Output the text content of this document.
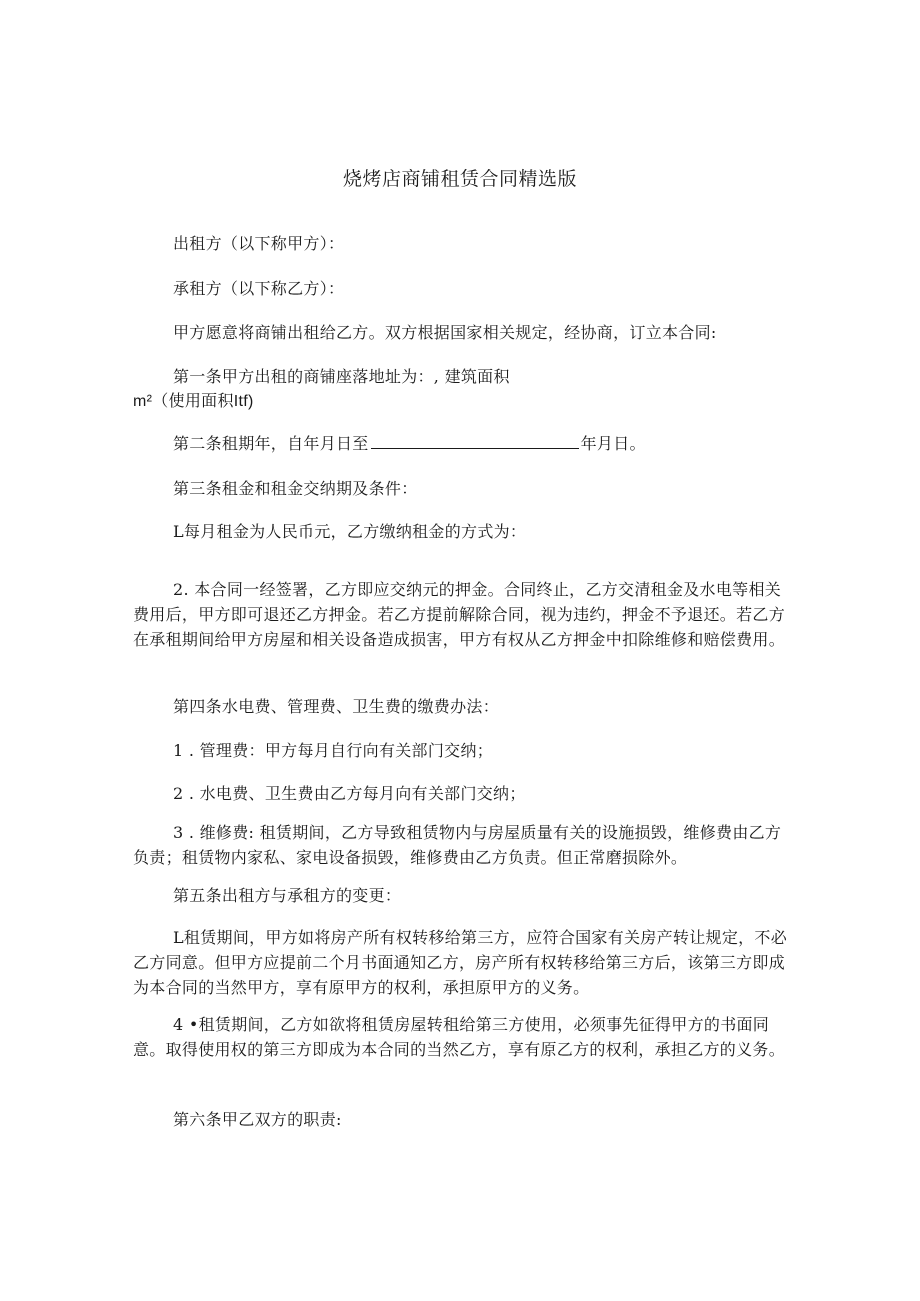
烧烤店商铺租赁合同精选版

出租方（以下称甲方）：

承租方（以下称乙方）：

甲方愿意将商铺出租给乙方。双方根据国家相关规定，经协商，订立本合同:

第一条甲方出租的商铺座落地址为：, 建筑面积

m²（使用面积Itf)

第二条租期年，自年月日至	年月日。

第三条租金和租金交纳期及条件：

L每月租金为人民币元，乙方缴纳租金的方式为：

2. 本合同一经签署，乙方即应交纳元的押金。合同终止，乙方交清租金及水电等相关费用后，甲方即可退还乙方押金。若乙方提前解除合同，视为违约，押金不予退还。若乙方在承租期间给甲方房屋和相关设备造成损害，甲方有权从乙方押金中扣除维修和赔偿费用。

第四条水电费、管理费、卫生费的缴费办法：

1 . 管理费：甲方每月自行向有关部门交纳；

2 . 水电费、卫生费由乙方每月向有关部门交纳；

3 . 维修费: 租赁期间，乙方导致租赁物内与房屋质量有关的设施损毁，维修费由乙方负责；租赁物内家私、家电设备损毁，维修费由乙方负责。但正常磨损除外。

第五条出租方与承租方的变更：

L租赁期间，甲方如将房产所有权转移给第三方，应符合国家有关房产转让规定，不必乙方同意。但甲方应提前二个月书面通知乙方，房产所有权转移给第三方后，该第三方即成为本合同的当然甲方，享有原甲方的权利，承担原甲方的义务。

4 •租赁期间，乙方如欲将租赁房屋转租给第三方使用，必须事先征得甲方的书面同意。取得使用权的第三方即成为本合同的当然乙方，享有原乙方的权利，承担乙方的义务。

第六条甲乙双方的职责:
